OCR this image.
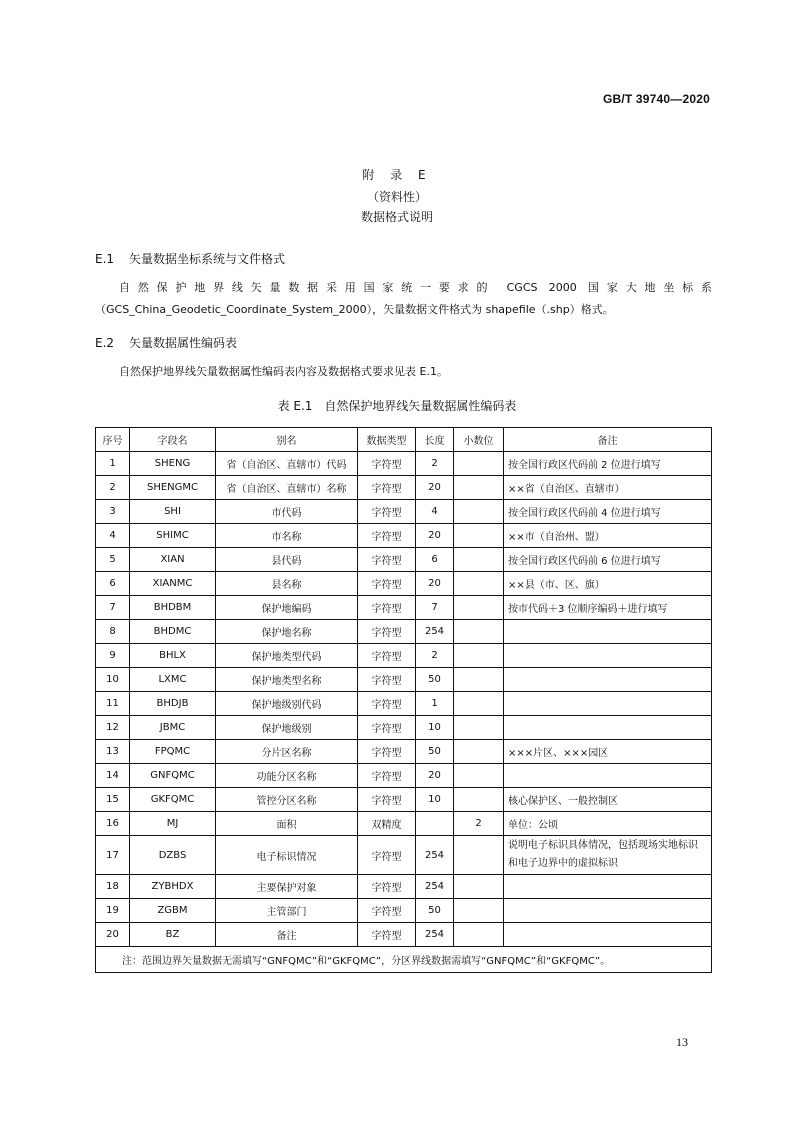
GB/T 39740—2020
附 录 E
（资料性）
数据格式说明
E.1 矢量数据坐标系统与文件格式
自然保护地界线矢量数据采用国家统一要求的 CGCS 2000 国家大地坐标系（GCS_China_Geodetic_Coordinate_System_2000），矢量数据文件格式为 shapefile（.shp）格式。
E.2 矢量数据属性编码表
自然保护地界线矢量数据属性编码表内容及数据格式要求见表 E.1。
表 E.1　自然保护地界线矢量数据属性编码表
序号	字段名	别名	数据类型	长度	小数位	备注
1	SHENG	省（自治区、直辖市）代码	字符型	2		按全国行政区代码前 2 位进行填写
2	SHENGMC	省（自治区、直辖市）名称	字符型	20		××省（自治区、直辖市）
3	SHI	市代码	字符型	4		按全国行政区代码前 4 位进行填写
4	SHIMC	市名称	字符型	20		××市（自治州、盟）
5	XIAN	县代码	字符型	6		按全国行政区代码前 6 位进行填写
6	XIANMC	县名称	字符型	20		××县（市、区、旗）
7	BHDBM	保护地编码	字符型	7		按市代码＋3 位顺序编码＋进行填写
8	BHDMC	保护地名称	字符型	254		
9	BHLX	保护地类型代码	字符型	2		
10	LXMC	保护地类型名称	字符型	50		
11	BHDJB	保护地级别代码	字符型	1		
12	JBMC	保护地级别	字符型	10		
13	FPQMC	分片区名称	字符型	50		×××片区、×××园区
14	GNFQMC	功能分区名称	字符型	20		
15	GKFQMC	管控分区名称	字符型	10		核心保护区、一般控制区
16	MJ	面积	双精度		2	单位：公顷
17	DZBS	电子标识情况	字符型	254		说明电子标识具体情况，包括现场实地标识和电子边界中的虚拟标识
18	ZYBHDX	主要保护对象	字符型	254		
19	ZGBM	主管部门	字符型	50		
20	BZ	备注	字符型	254		
注：范围边界矢量数据无需填写“GNFQMC”和“GKFQMC”，分区界线数据需填写“GNFQMC”和“GKFQMC”。						
13
